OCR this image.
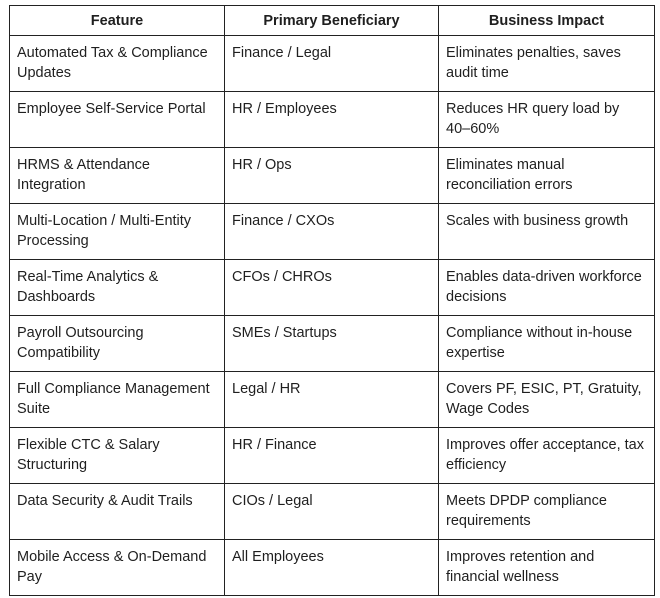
Feature	Primary Beneficiary	Business Impact
Automated Tax & Compliance Updates	Finance / Legal	Eliminates penalties, saves audit time
Employee Self-Service Portal	HR / Employees	Reduces HR query load by 40–60%
HRMS & Attendance Integration	HR / Ops	Eliminates manual reconciliation errors
Multi-Location / Multi-Entity Processing	Finance / CXOs	Scales with business growth
Real-Time Analytics & Dashboards	CFOs / CHROs	Enables data-driven workforce decisions
Payroll Outsourcing Compatibility	SMEs / Startups	Compliance without in-house expertise
Full Compliance Management Suite	Legal / HR	Covers PF, ESIC, PT, Gratuity, Wage Codes
Flexible CTC & Salary Structuring	HR / Finance	Improves offer acceptance, tax efficiency
Data Security & Audit Trails	CIOs / Legal	Meets DPDP compliance requirements
Mobile Access & On-Demand Pay	All Employees	Improves retention and financial wellness
